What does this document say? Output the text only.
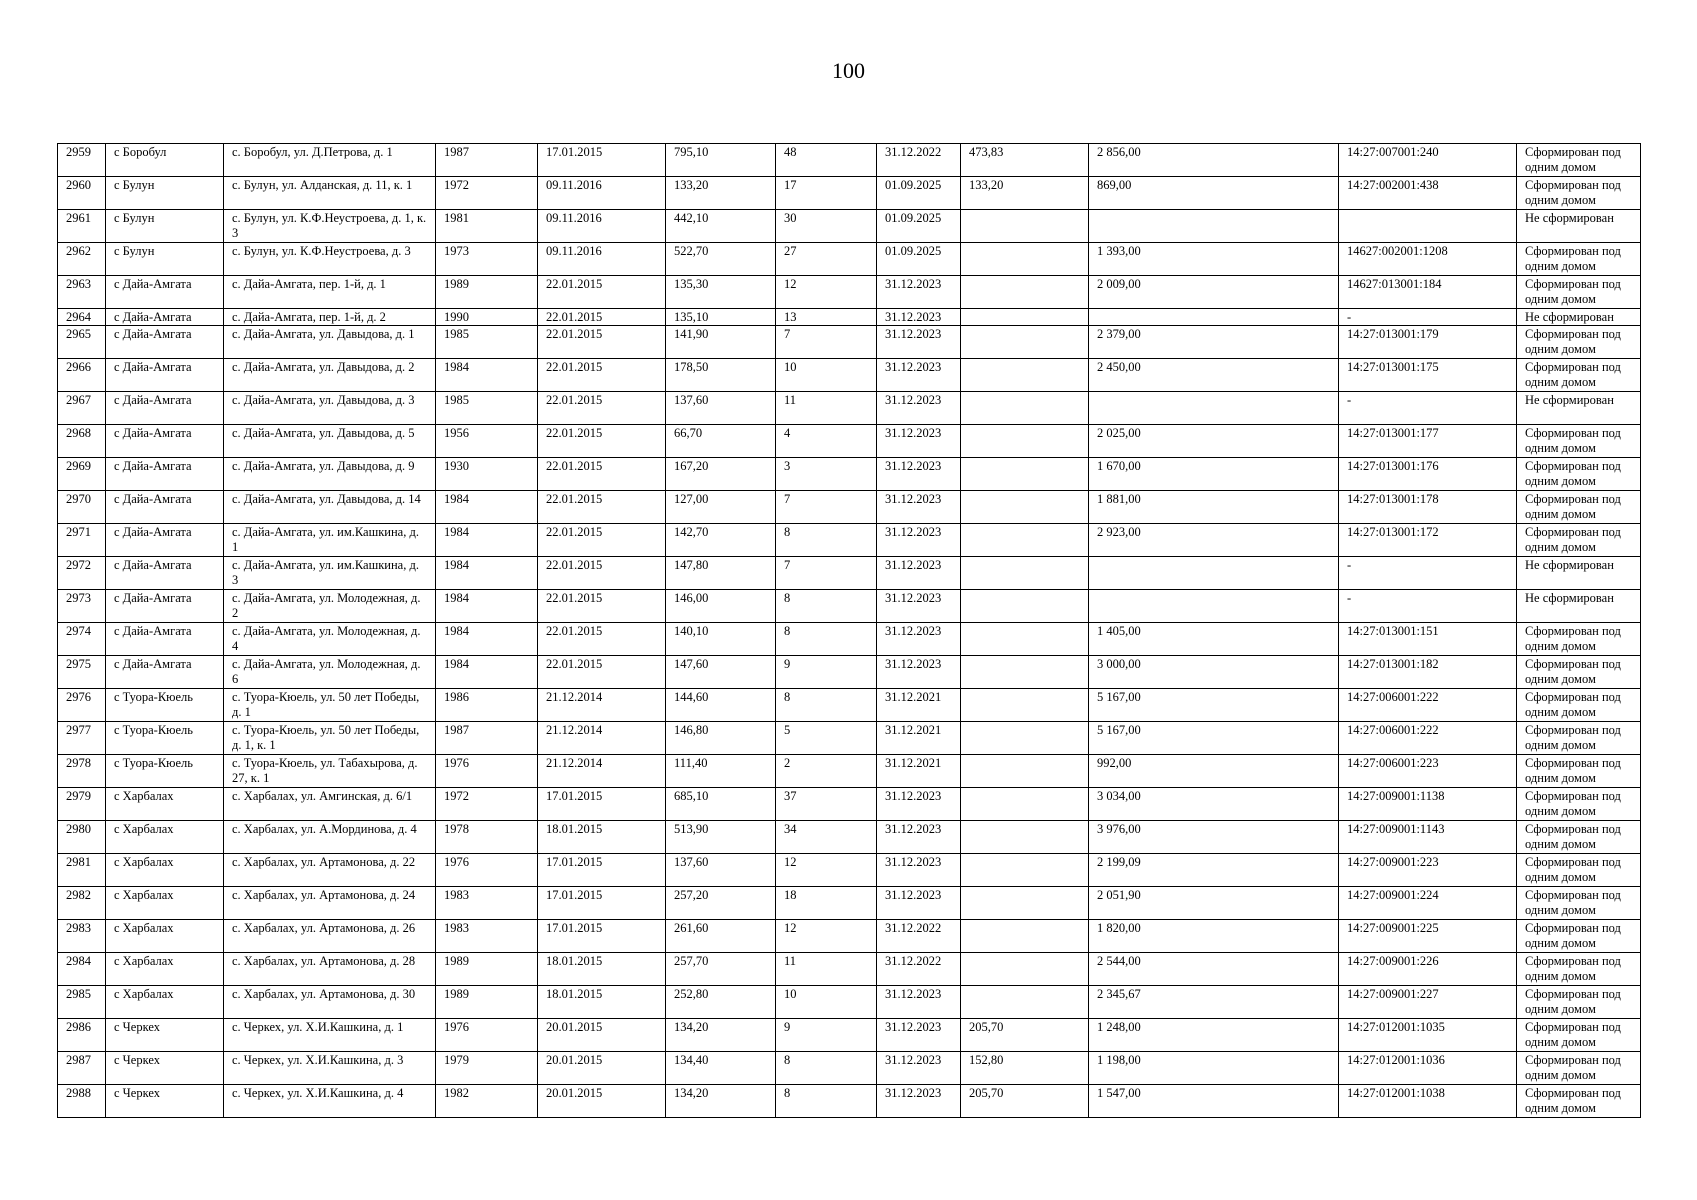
100
2959	с Боробул	с. Боробул, ул. Д.Петрова, д. 1	1987	17.01.2015	795,10	48	31.12.2022	473,83	2 856,00	14:27:007001:240	Сформирован под одним домом
2960	с Булун	с. Булун, ул. Алданская, д. 11, к. 1	1972	09.11.2016	133,20	17	01.09.2025	133,20	869,00	14:27:002001:438	Сформирован под одним домом
2961	с Булун	с. Булун, ул. К.Ф.Неустроева, д. 1, к. 3	1981	09.11.2016	442,10	30	01.09.2025				Не сформирован
2962	с Булун	с. Булун, ул. К.Ф.Неустроева, д. 3	1973	09.11.2016	522,70	27	01.09.2025		1 393,00	14627:002001:1208	Сформирован под одним домом
2963	с Дайа-Амгата	с. Дайа-Амгата, пер. 1-й, д. 1	1989	22.01.2015	135,30	12	31.12.2023		2 009,00	14627:013001:184	Сформирован под одним домом
2964	с Дайа-Амгата	с. Дайа-Амгата, пер. 1-й, д. 2	1990	22.01.2015	135,10	13	31.12.2023			-	Не сформирован
2965	с Дайа-Амгата	с. Дайа-Амгата, ул. Давыдова, д. 1	1985	22.01.2015	141,90	7	31.12.2023		2 379,00	14:27:013001:179	Сформирован под одним домом
2966	с Дайа-Амгата	с. Дайа-Амгата, ул. Давыдова, д. 2	1984	22.01.2015	178,50	10	31.12.2023		2 450,00	14:27:013001:175	Сформирован под одним домом
2967	с Дайа-Амгата	с. Дайа-Амгата, ул. Давыдова, д. 3	1985	22.01.2015	137,60	11	31.12.2023			-	Не сформирован
2968	с Дайа-Амгата	с. Дайа-Амгата, ул. Давыдова, д. 5	1956	22.01.2015	66,70	4	31.12.2023		2 025,00	14:27:013001:177	Сформирован под одним домом
2969	с Дайа-Амгата	с. Дайа-Амгата, ул. Давыдова, д. 9	1930	22.01.2015	167,20	3	31.12.2023		1 670,00	14:27:013001:176	Сформирован под одним домом
2970	с Дайа-Амгата	с. Дайа-Амгата, ул. Давыдова, д. 14	1984	22.01.2015	127,00	7	31.12.2023		1 881,00	14:27:013001:178	Сформирован под одним домом
2971	с Дайа-Амгата	с. Дайа-Амгата, ул. им.Кашкина, д. 1	1984	22.01.2015	142,70	8	31.12.2023		2 923,00	14:27:013001:172	Сформирован под одним домом
2972	с Дайа-Амгата	с. Дайа-Амгата, ул. им.Кашкина, д. 3	1984	22.01.2015	147,80	7	31.12.2023			-	Не сформирован
2973	с Дайа-Амгата	с. Дайа-Амгата, ул. Молодежная, д. 2	1984	22.01.2015	146,00	8	31.12.2023			-	Не сформирован
2974	с Дайа-Амгата	с. Дайа-Амгата, ул. Молодежная, д. 4	1984	22.01.2015	140,10	8	31.12.2023		1 405,00	14:27:013001:151	Сформирован под одним домом
2975	с Дайа-Амгата	с. Дайа-Амгата, ул. Молодежная, д. 6	1984	22.01.2015	147,60	9	31.12.2023		3 000,00	14:27:013001:182	Сформирован под одним домом
2976	с Туора-Кюель	с. Туора-Кюель, ул. 50 лет Победы, д. 1	1986	21.12.2014	144,60	8	31.12.2021		5 167,00	14:27:006001:222	Сформирован под одним домом
2977	с Туора-Кюель	с. Туора-Кюель, ул. 50 лет Победы, д. 1, к. 1	1987	21.12.2014	146,80	5	31.12.2021		5 167,00	14:27:006001:222	Сформирован под одним домом
2978	с Туора-Кюель	с. Туора-Кюель, ул. Табахырова, д. 27, к. 1	1976	21.12.2014	111,40	2	31.12.2021		992,00	14:27:006001:223	Сформирован под одним домом
2979	с Харбалах	с. Харбалах, ул. Амгинская, д. 6/1	1972	17.01.2015	685,10	37	31.12.2023		3 034,00	14:27:009001:1138	Сформирован под одним домом
2980	с Харбалах	с. Харбалах, ул. А.Мординова, д. 4	1978	18.01.2015	513,90	34	31.12.2023		3 976,00	14:27:009001:1143	Сформирован под одним домом
2981	с Харбалах	с. Харбалах, ул. Артамонова, д. 22	1976	17.01.2015	137,60	12	31.12.2023		2 199,09	14:27:009001:223	Сформирован под одним домом
2982	с Харбалах	с. Харбалах, ул. Артамонова, д. 24	1983	17.01.2015	257,20	18	31.12.2023		2 051,90	14:27:009001:224	Сформирован под одним домом
2983	с Харбалах	с. Харбалах, ул. Артамонова, д. 26	1983	17.01.2015	261,60	12	31.12.2022		1 820,00	14:27:009001:225	Сформирован под одним домом
2984	с Харбалах	с. Харбалах, ул. Артамонова, д. 28	1989	18.01.2015	257,70	11	31.12.2022		2 544,00	14:27:009001:226	Сформирован под одним домом
2985	с Харбалах	с. Харбалах, ул. Артамонова, д. 30	1989	18.01.2015	252,80	10	31.12.2023		2 345,67	14:27:009001:227	Сформирован под одним домом
2986	с Черкех	с. Черкех, ул. Х.И.Кашкина, д. 1	1976	20.01.2015	134,20	9	31.12.2023	205,70	1 248,00	14:27:012001:1035	Сформирован под одним домом
2987	с Черкех	с. Черкех, ул. Х.И.Кашкина, д. 3	1979	20.01.2015	134,40	8	31.12.2023	152,80	1 198,00	14:27:012001:1036	Сформирован под одним домом
2988	с Черкех	с. Черкех, ул. Х.И.Кашкина, д. 4	1982	20.01.2015	134,20	8	31.12.2023	205,70	1 547,00	14:27:012001:1038	Сформирован под одним домом
